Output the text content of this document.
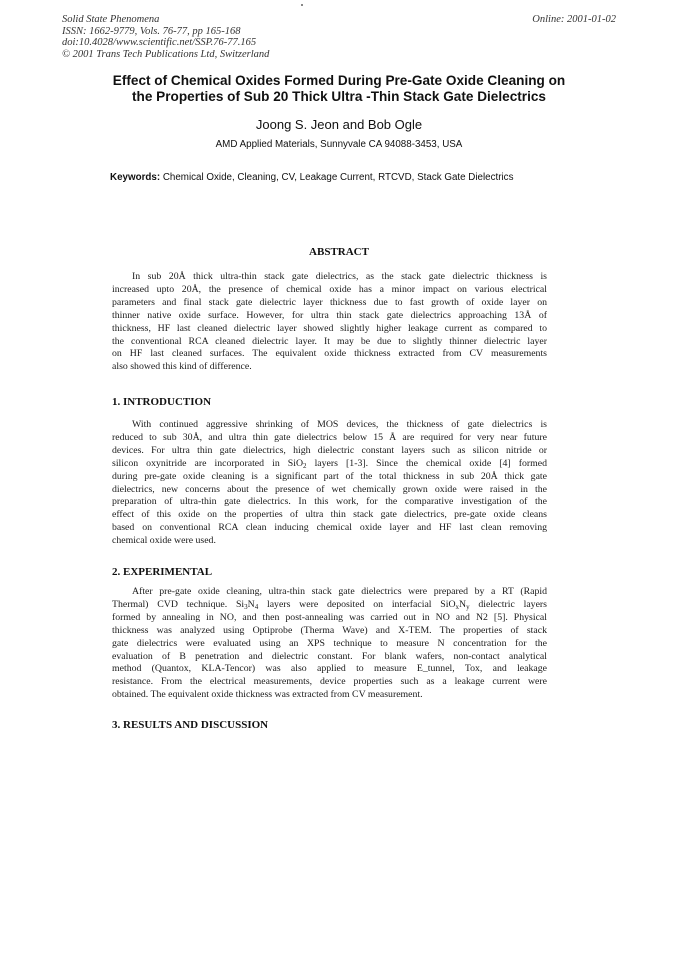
Solid State Phenomena
ISSN: 1662-9779, Vols. 76-77, pp 165-168
doi:10.4028/www.scientific.net/SSP.76-77.165
© 2001 Trans Tech Publications Ltd, Switzerland
Online: 2001-01-02
Effect of Chemical Oxides Formed During Pre-Gate Oxide Cleaning on
the Properties of Sub 20 Thick Ultra -Thin Stack Gate Dielectrics
Joong S. Jeon and Bob Ogle
AMD Applied Materials, Sunnyvale CA 94088-3453, USA
Keywords: Chemical Oxide, Cleaning, CV, Leakage Current, RTCVD, Stack Gate Dielectrics
ABSTRACT
In sub 20Å thick ultra-thin stack gate dielectrics, as the stack gate dielectric thickness is
increased upto 20Å, the presence of chemical oxide has a minor impact on various electrical
parameters and final stack gate dielectric layer thickness due to fast growth of oxide layer on
thinner native oxide surface. However, for ultra thin stack gate dielectrics approaching 13Å of
thickness, HF last cleaned dielectric layer showed slightly higher leakage current as compared to
the conventional RCA cleaned dielectric layer. It may be due to slightly thinner dielectric layer
on HF last cleaned surfaces. The equivalent oxide thickness extracted from CV measurements
also showed this kind of difference.
1. INTRODUCTION
With continued aggressive shrinking of MOS devices, the thickness of gate dielectrics is
reduced to sub 30Å, and ultra thin gate dielectrics below 15 Å are required for very near future
devices. For ultra thin gate dielectrics, high dielectric constant layers such as silicon nitride or
silicon oxynitride are incorporated in SiO$_2$ layers [1-3]. Since the chemical oxide [4] formed
during pre-gate oxide cleaning is a significant part of the total thickness in sub 20Å thick gate
dielectrics, new concerns about the presence of wet chemically grown oxide were raised in the
preparation of ultra-thin gate dielectrics. In this work, for the comparative investigation of the
effect of this oxide on the properties of ultra thin stack gate dielectrics, pre-gate oxide cleans
based on conventional RCA clean inducing chemical oxide layer and HF last clean removing
chemical oxide were used.
2. EXPERIMENTAL
After pre-gate oxide cleaning, ultra-thin stack gate dielectrics were prepared by a RT (Rapid
Thermal) CVD technique. $Si_3N_4$ layers were deposited on interfacial $SiO_xN_y$ dielectric layers
formed by annealing in NO, and then post-annealing was carried out in NO and N2 [5]. Physical
thickness was analyzed using Optiprobe (Therma Wave) and X-TEM. The properties of stack
gate dielectrics were evaluated using an XPS technique to measure N concentration for the
evaluation of B penetration and dielectric constant. For blank wafers, non-contact analytical
method (Quantox, KLA-Tencor) was also applied to measure E_tunnel, Tox, and leakage
resistance. From the electrical measurements, device properties such as a leakage current were
obtained. The equivalent oxide thickness was extracted from CV measurement.
3. RESULTS AND DISCUSSION
